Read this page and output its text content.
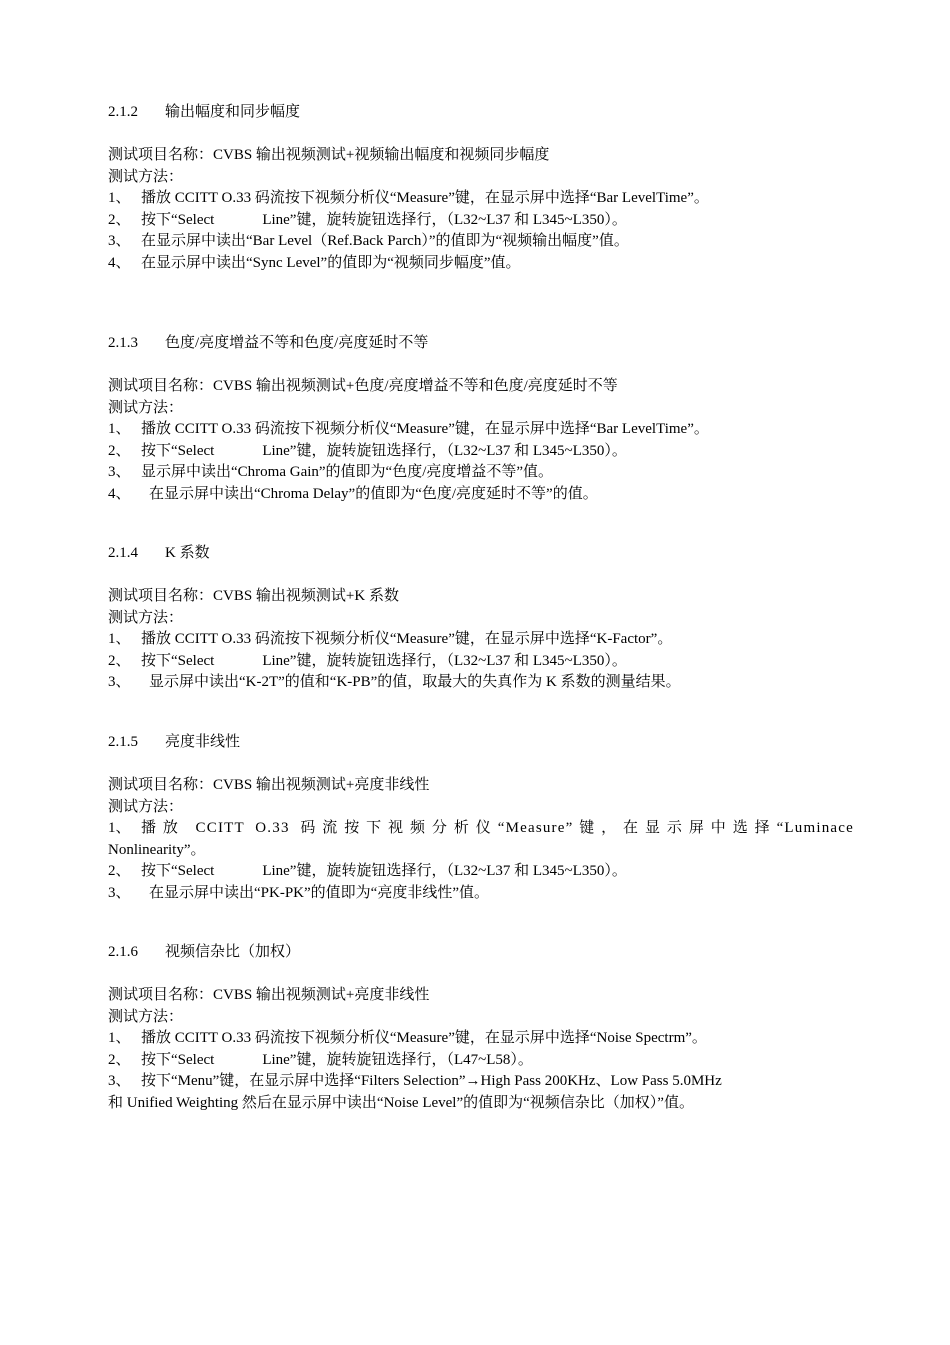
2.1.2 输出幅度和同步幅度
测试项目名称：CVBS 输出视频测试+视频输出幅度和视频同步幅度
测试方法：
1、 播放 CCITT O.33 码流按下视频分析仪“Measure”键，在显示屏中选择“Bar LevelTime”。
2、 按下“Select	Line”键，旋转旋钮选择行，（L32~L37 和 L345~L350）。
3、 在显示屏中读出“Bar Level（Ref.Back Parch）”的值即为“视频输出幅度”值。
4、 在显示屏中读出“Sync Level”的值即为“视频同步幅度”值。
2.1.3 色度/亮度增益不等和色度/亮度延时不等
测试项目名称：CVBS 输出视频测试+色度/亮度增益不等和色度/亮度延时不等
测试方法：
1、 播放 CCITT O.33 码流按下视频分析仪“Measure”键，在显示屏中选择“Bar LevelTime”。
2、 按下“Select	Line”键，旋转旋钮选择行，（L32~L37 和 L345~L350）。
3、 显示屏中读出“Chroma Gain”的值即为“色度/亮度增益不等”值。
4、	在显示屏中读出“Chroma Delay”的值即为“色度/亮度延时不等”的值。
2.1.4 K 系数
测试项目名称：CVBS 输出视频测试+K 系数
测试方法：
1、 播放 CCITT O.33 码流按下视频分析仪“Measure”键，在显示屏中选择“K-Factor”。
2、 按下“Select	Line”键，旋转旋钮选择行，（L32~L37 和 L345~L350）。
3、	显示屏中读出“K-2T”的值和“K-PB”的值，取最大的失真作为 K 系数的测量结果。
2.1.5 亮度非线性
测试项目名称：CVBS 输出视频测试+亮度非线性
测试方法：
1、 播放 CCITT O.33 码流按下视频分析仪“Measure”键，在显示屏中选择“Luminace
Nonlinearity”。
2、 按下“Select	Line”键，旋转旋钮选择行，（L32~L37 和 L345~L350）。
3、	在显示屏中读出“PK-PK”的值即为“亮度非线性”值。
2.1.6 视频信杂比（加权）
测试项目名称：CVBS 输出视频测试+亮度非线性
测试方法：
1、 播放 CCITT O.33 码流按下视频分析仪“Measure”键，在显示屏中选择“Noise Spectrm”。
2、 按下“Select	Line”键，旋转旋钮选择行，（L47~L58）。
3、 按下“Menu”键，在显示屏中选择“Filters Selection”→High Pass 200KHz、Low Pass 5.0MHz
和 Unified Weighting 然后在显示屏中读出“Noise Level”的值即为“视频信杂比（加权）”值。
